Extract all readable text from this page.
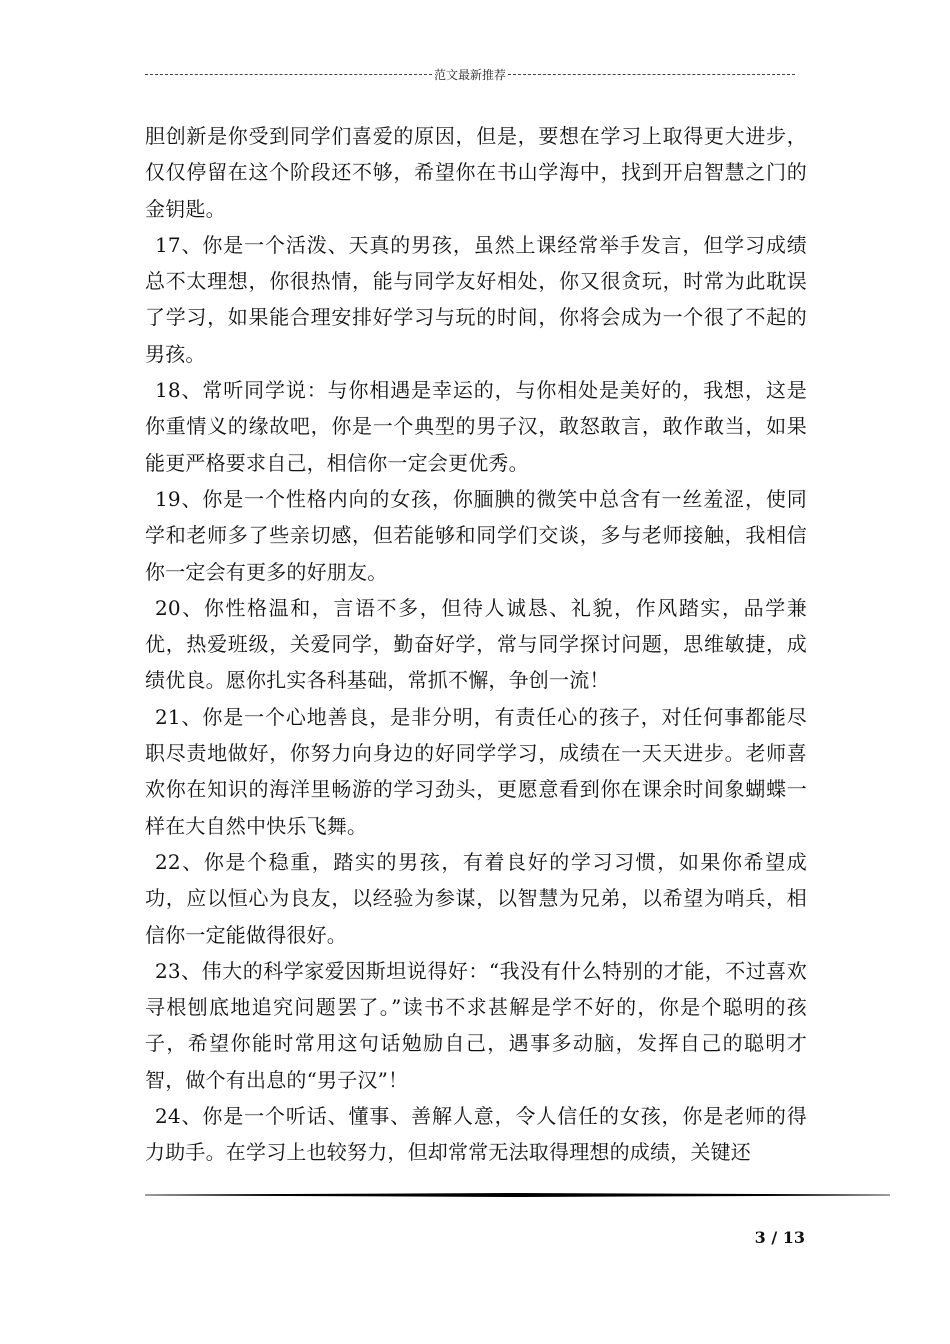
范文最新推荐

胆创新是你受到同学们喜爱的原因，但是，要想在学习上取得更大进步，仅仅停留在这个阶段还不够，希望你在书山学海中，找到开启智慧之门的金钥匙。

17、你是一个活泼、天真的男孩，虽然上课经常举手发言，但学习成绩总不太理想，你很热情，能与同学友好相处，你又很贪玩，时常为此耽误了学习，如果能合理安排好学习与玩的时间，你将会成为一个很了不起的男孩。

18、常听同学说：与你相遇是幸运的，与你相处是美好的，我想，这是你重情义的缘故吧，你是一个典型的男子汉，敢怒敢言，敢作敢当，如果能更严格要求自己，相信你一定会更优秀。

19、你是一个性格内向的女孩，你腼腆的微笑中总含有一丝羞涩，使同学和老师多了些亲切感，但若能够和同学们交谈，多与老师接触，我相信你一定会有更多的好朋友。

20、你性格温和，言语不多，但待人诚恳、礼貌，作风踏实，品学兼优，热爱班级，关爱同学，勤奋好学，常与同学探讨问题，思维敏捷，成绩优良。愿你扎实各科基础，常抓不懈，争创一流！

21、你是一个心地善良，是非分明，有责任心的孩子，对任何事都能尽职尽责地做好，你努力向身边的好同学学习，成绩在一天天进步。老师喜欢你在知识的海洋里畅游的学习劲头，更愿意看到你在课余时间象蝴蝶一样在大自然中快乐飞舞。

22、你是个稳重，踏实的男孩，有着良好的学习习惯，如果你希望成功，应以恒心为良友，以经验为参谋，以智慧为兄弟，以希望为哨兵，相信你一定能做得很好。

23、伟大的科学家爱因斯坦说得好：“我没有什么特别的才能，不过喜欢寻根刨底地追究问题罢了。”读书不求甚解是学不好的，你是个聪明的孩子，希望你能时常用这句话勉励自己，遇事多动脑，发挥自己的聪明才智，做个有出息的“男子汉”！

24、你是一个听话、懂事、善解人意，令人信任的女孩，你是老师的得力助手。在学习上也较努力，但却常常无法取得理想的成绩，关键还

3 / 13
